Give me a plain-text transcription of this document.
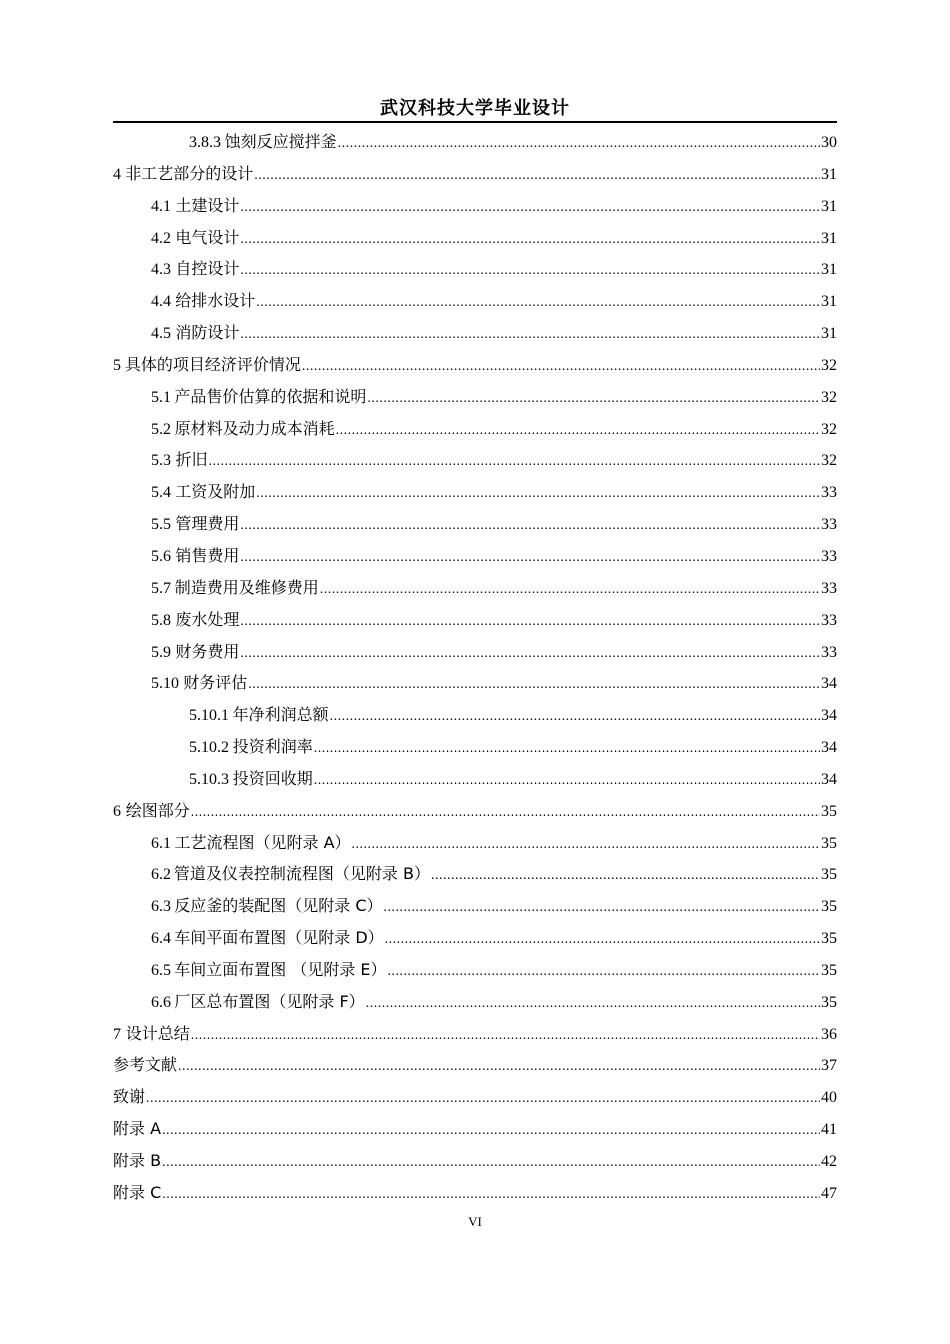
武汉科技大学毕业设计
3.8.3 蚀刻反应搅拌釜 .....	30
4 非工艺部分的设计 .....	31
4.1 土建设计 .....	31
4.2 电气设计 .....	31
4.3 自控设计 .....	31
4.4 给排水设计 .....	31
4.5 消防设计 .....	31
5 具体的项目经济评价情况 .....	32
5.1 产品售价估算的依据和说明 .....	32
5.2 原材料及动力成本消耗 .....	32
5.3 折旧 .....	32
5.4 工资及附加 .....	33
5.5 管理费用 .....	33
5.6 销售费用 .....	33
5.7 制造费用及维修费用 .....	33
5.8 废水处理 .....	33
5.9 财务费用 .....	33
5.10 财务评估 .....	34
5.10.1 年净利润总额 .....	34
5.10.2 投资利润率 .....	34
5.10.3 投资回收期 .....	34
6 绘图部分 .....	35
6.1 工艺流程图（见附录 A） .....	35
6.2 管道及仪表控制流程图（见附录 B） .....	35
6.3 反应釜的装配图（见附录 C） .....	35
6.4 车间平面布置图（见附录 D） .....	35
6.5 车间立面布置图 （见附录 E） .....	35
6.6 厂区总布置图（见附录 F） .....	35
7 设计总结 .....	36
参考文献 .....	37
致谢 .....	40
附录 A .....	41
附录 B .....	42
附录 C .....	47
VI
